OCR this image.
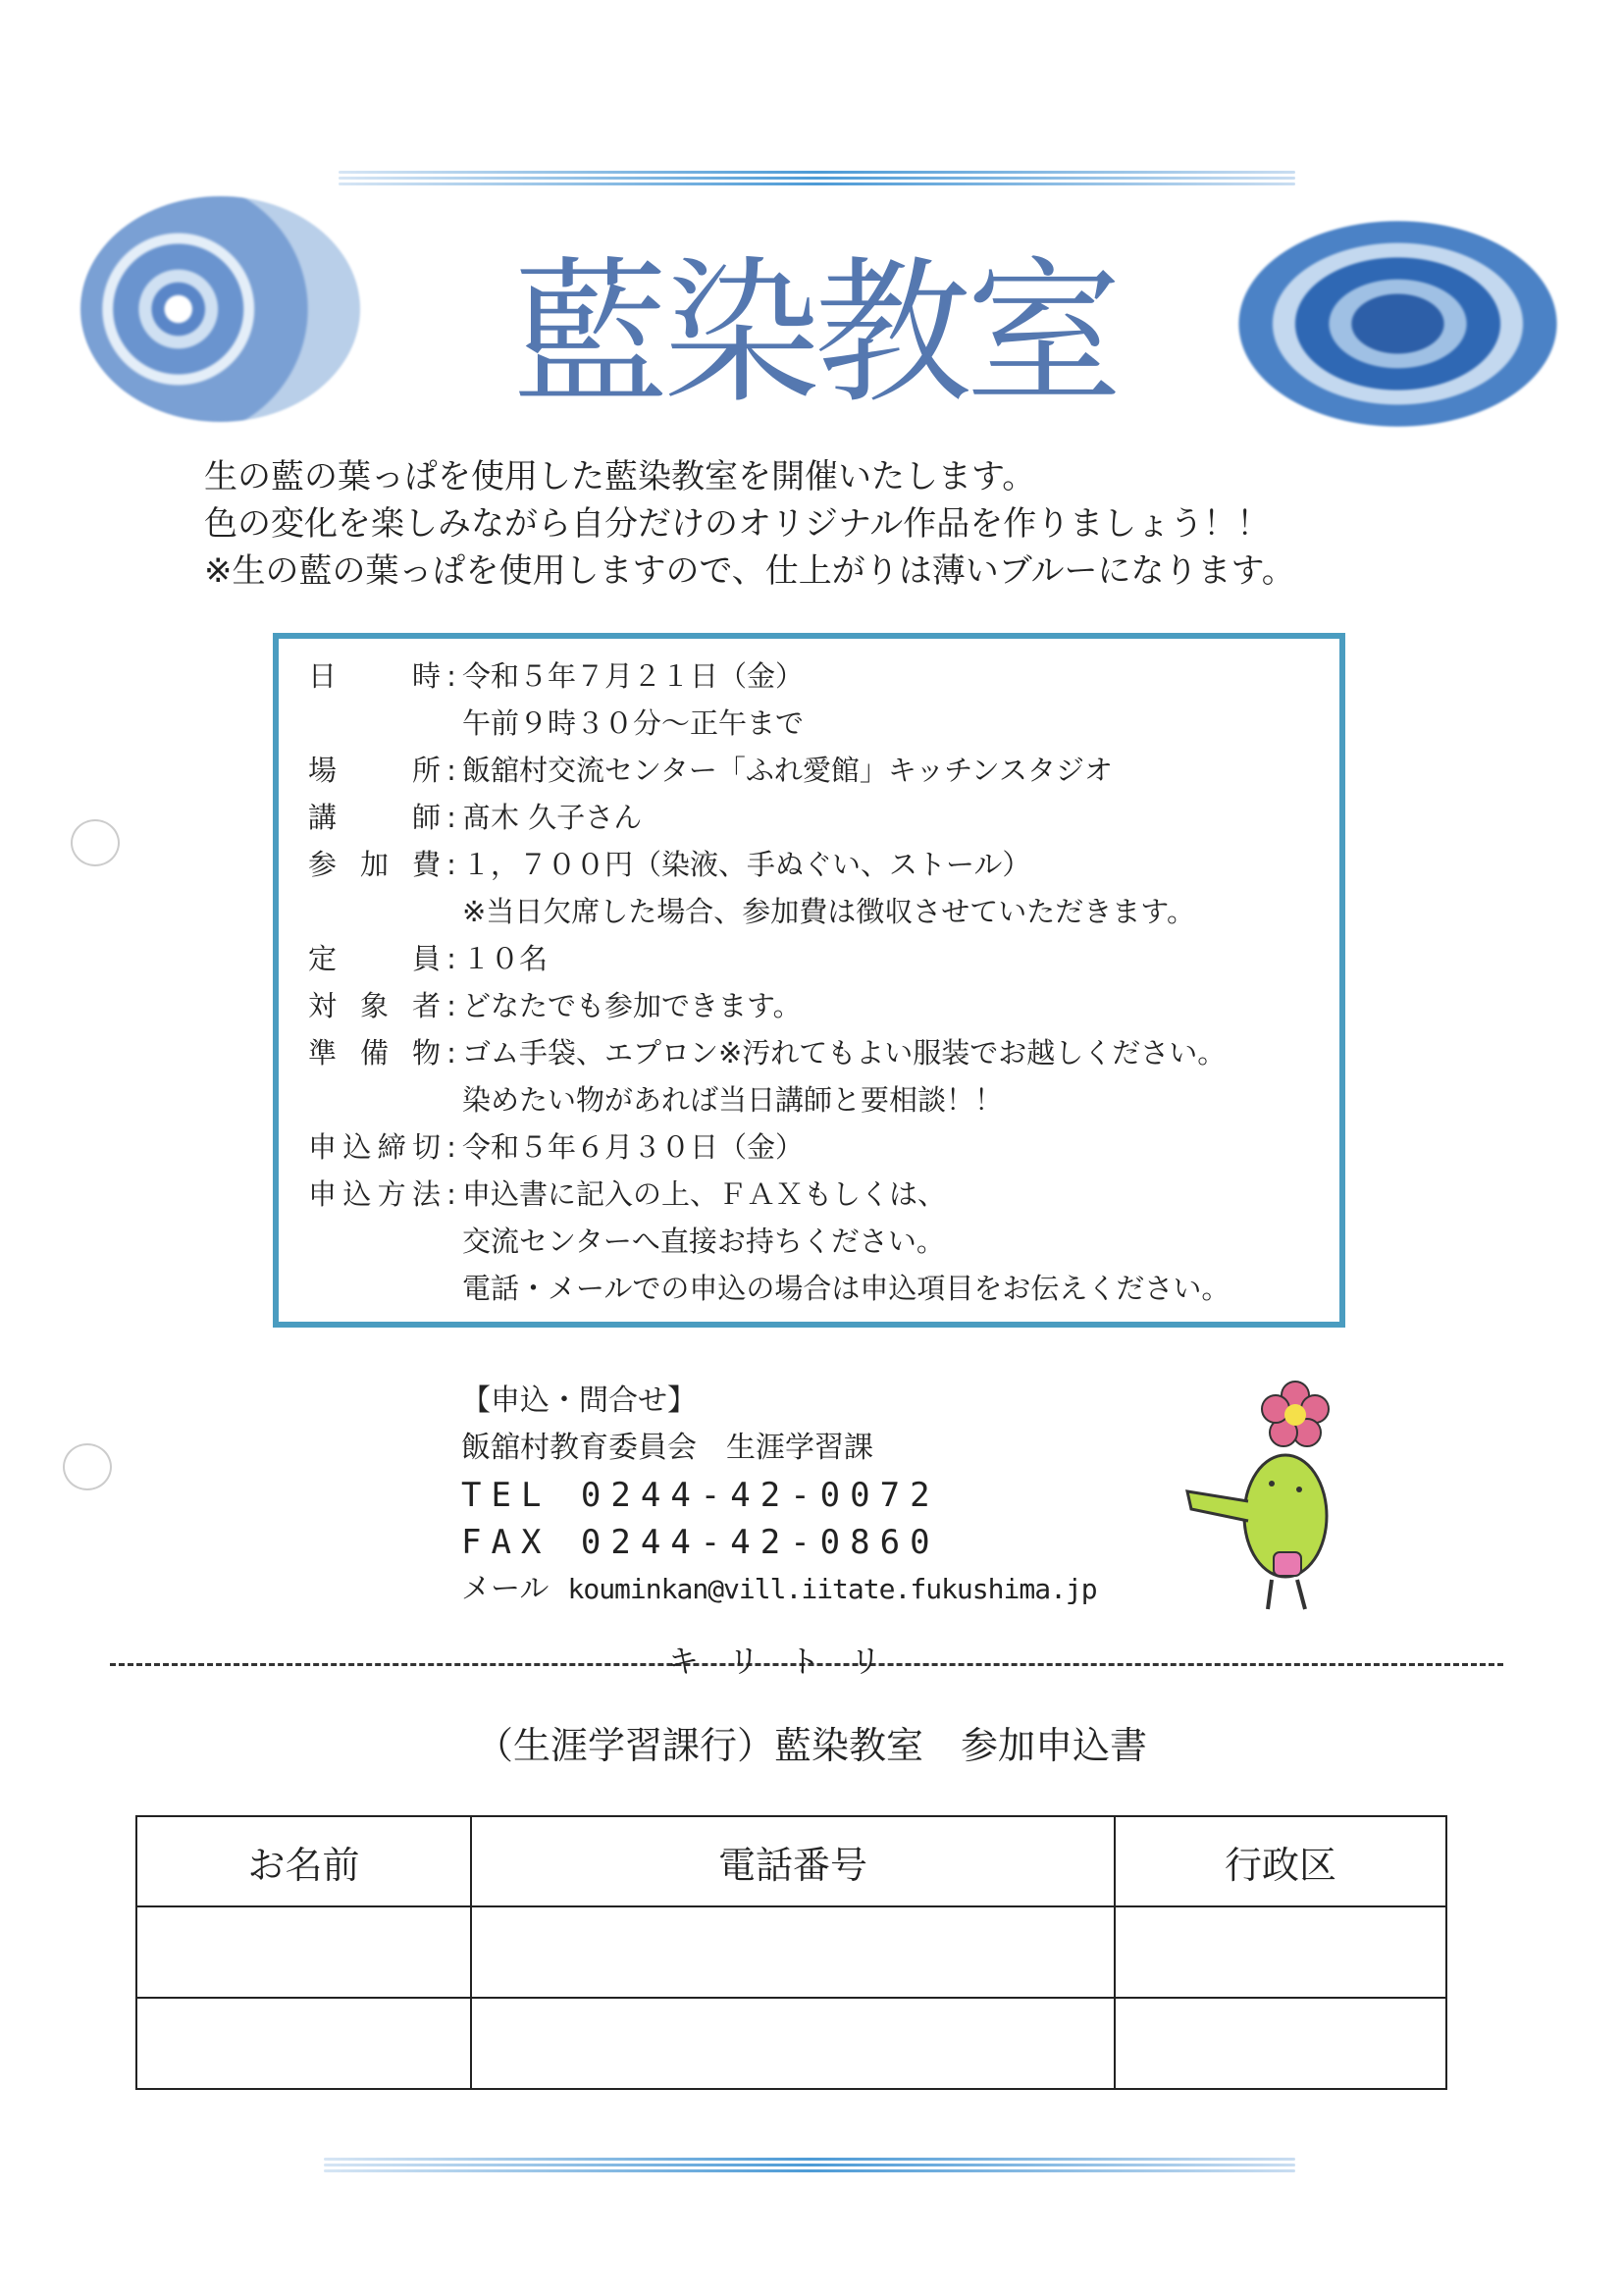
藍染教室
生の藍の葉っぱを使用した藍染教室を開催いたします。
色の変化を楽しみながら自分だけのオリジナル作品を作りましょう！！
※生の藍の葉っぱを使用しますので、仕上がりは薄いブルーになります。
日時 : 令和５年７月２１日（金）
午前９時３０分～正午まで
場所 : 飯舘村交流センター「ふれ愛館」キッチンスタジオ
講師 : 髙木 久子さん
参加費 : １，７００円（染液、手ぬぐい、ストール）
※当日欠席した場合、参加費は徴収させていただきます。
定員 : １０名
対象者 : どなたでも参加できます。
準備物 : ゴム手袋、エプロン※汚れてもよい服装でお越しください。
染めたい物があれば当日講師と要相談！！
申込締切 : 令和５年６月３０日（金）
申込方法 : 申込書に記入の上、ＦＡＸもしくは、
交流センターへ直接お持ちください。
電話・メールでの申込の場合は申込項目をお伝えください。
【申込・問合せ】
飯舘村教育委員会　生涯学習課
TEL 0244-42-0072
FAX 0244-42-0860
メール kouminkan@vill.iitate.fukushima.jp
キリトリ
（生涯学習課行）藍染教室　参加申込書
お名前	電話番号	行政区
